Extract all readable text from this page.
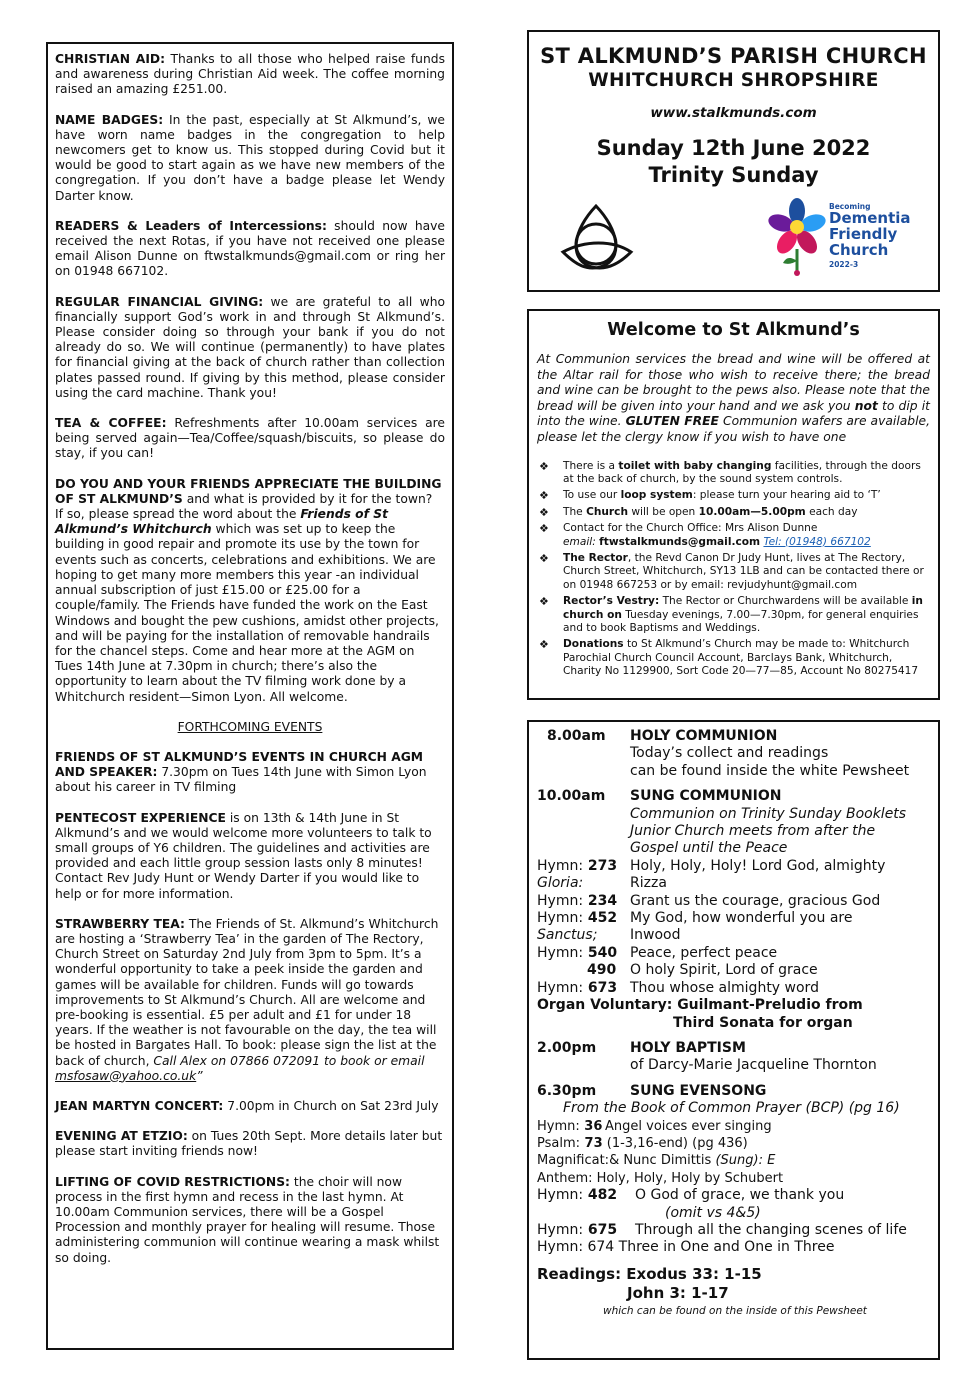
CHRISTIAN AID: Thanks to all those who helped raise funds and awareness during Christian Aid week. The coffee morning raised an amazing £251.00.

NAME BADGES: In the past, especially at St Alkmund’s, we have worn name badges in the congregation to help newcomers get to know us. This stopped during Covid but it would be good to start again as we have new members of the congregation. If you don’t have a badge please let Wendy Darter know.

READERS & Leaders of Intercessions: should now have received the next Rotas, if you have not received one please email Alison Dunne on ftwstalkmunds@gmail.com or ring her on 01948 667102.

REGULAR FINANCIAL GIVING: we are grateful to all who financially support God’s work in and through St Alkmund’s. Please consider doing so through your bank if you do not already do so. We will continue (permanently) to have plates for financial giving at the back of church rather than collection plates passed round. If giving by this method, please consider using the card machine. Thank you!

TEA & COFFEE: Refreshments after 10.00am services are being served again—Tea/Coffee/squash/biscuits, so please do stay, if you can!

DO YOU AND YOUR FRIENDS APPRECIATE THE BUILDING OF ST ALKMUND’S and what is provided by it for the town?
If so, please spread the word about the Friends of St Alkmund’s Whitchurch which was set up to keep the building in good repair and promote its use by the town for events such as concerts, celebrations and exhibitions. We are hoping to get many more members this year -an individual annual subscription of just £15.00 or £25.00 for a couple/family. The Friends have funded the work on the East Windows and bought the pew cushions, amidst other projects, and will be paying for the installation of removable handrails for the chancel steps. Come and hear more at the AGM on Tues 14th June at 7.30pm in church; there’s also the opportunity to learn about the TV filming work done by a Whitchurch resident—Simon Lyon. All welcome.

FORTHCOMING EVENTS

FRIENDS OF ST ALKMUND’S EVENTS IN CHURCH AGM AND SPEAKER: 7.30pm on Tues 14th June with Simon Lyon about his career in TV filming

PENTECOST EXPERIENCE is on 13th & 14th June in St Alkmund’s and we would welcome more volunteers to talk to small groups of Y6 children. The guidelines and activities are provided and each little group session lasts only 8 minutes! Contact Rev Judy Hunt or Wendy Darter if you would like to help or for more information.

STRAWBERRY TEA: The Friends of St. Alkmund’s Whitchurch are hosting a ‘Strawberry Tea’ in the garden of The Rectory, Church Street on Saturday 2nd July from 3pm to 5pm. It’s a wonderful opportunity to take a peek inside the garden and games will be available for children. Funds will go towards improvements to St Alkmund’s Church. All are welcome and pre-booking is essential. £5 per adult and £1 for under 18 years. If the weather is not favourable on the day, the tea will be hosted in Bargates Hall. To book: please sign the list at the back of church, Call Alex on 07866 072091 to book or email msfosaw@yahoo.co.uk”

JEAN MARTYN CONCERT: 7.00pm in Church on Sat 23rd July

EVENING AT ETZIO: on Tues 20th Sept. More details later but please start inviting friends now!

LIFTING OF COVID RESTRICTIONS: the choir will now process in the first hymn and recess in the last hymn. At 10.00am Communion services, there will be a Gospel Procession and monthly prayer for healing will resume. Those administering communion will continue wearing a mask whilst so doing.

ST ALKMUND’S PARISH CHURCH
WHITCHURCH SHROPSHIRE
www.stalkmunds.com
Sunday 12th June 2022
Trinity Sunday
Becoming
Dementia
Friendly
Church
2022-3
Welcome to St Alkmund’s
At Communion services the bread and wine will be offered at the Altar rail for those who wish to receive there; the bread and wine can be brought to the pews also. Please note that the bread will be given into your hand and we ask you not to dip it into the wine. GLUTEN FREE Communion wafers are available, please let the clergy know if you wish to have one
❖ There is a toilet with baby changing facilities, through the doors at the back of church, by the sound system controls.
❖ To use our loop system: please turn your hearing aid to ‘T’
❖ The Church will be open 10.00am—5.00pm each day
❖ Contact for the Church Office: Mrs Alison Dunne
email: ftwstalkmunds@gmail.com Tel: (01948) 667102
❖ The Rector, the Revd Canon Dr Judy Hunt, lives at The Rectory, Church Street, Whitchurch, SY13 1LB and can be contacted there or on 01948 667253 or by email: revjudyhunt@gmail.com
❖ Rector’s Vestry: The Rector or Churchwardens will be available in church on Tuesday evenings, 7.00—7.30pm, for general enquiries and to book Baptisms and Weddings.
❖ Donations to St Alkmund’s Church may be made to: Whitchurch Parochial Church Council Account, Barclays Bank, Whitchurch, Charity No 1129900, Sort Code 20—77—85, Account No 80275417
8.00am	HOLY COMMUNION
Today’s collect and readings
can be found inside the white Pewsheet
10.00am	SUNG COMMUNION
Communion on Trinity Sunday Booklets
Junior Church meets from after the
Gospel until the Peace
Hymn: 273 Holy, Holy, Holy! Lord God, almighty
Gloria:	Rizza
Hymn: 234 Grant us the courage, gracious God
Hymn: 452 My God, how wonderful you are
Sanctus;	Inwood
Hymn: 540 Peace, perfect peace
490 O holy Spirit, Lord of grace
Hymn: 673 Thou whose almighty word
Organ Voluntary: Guilmant-Preludio from
Third Sonata for organ
2.00pm	HOLY BAPTISM
of Darcy-Marie Jacqueline Thornton
6.30pm	SUNG EVENSONG
From the Book of Common Prayer (BCP) (pg 16)
Hymn: 36 Angel voices ever singing
Psalm: 73 (1-3,16-end) (pg 436)
Magnificat:& Nunc Dimittis (Sung): E
Anthem: Holy, Holy, Holy by Schubert
Hymn: 482	O God of grace, we thank you
(omit vs 4&5)
Hymn: 675	Through all the changing scenes of life
Hymn: 674 Three in One and One in Three
Readings: Exodus 33: 1-15
John 3: 1-17
which can be found on the inside of this Pewsheet
